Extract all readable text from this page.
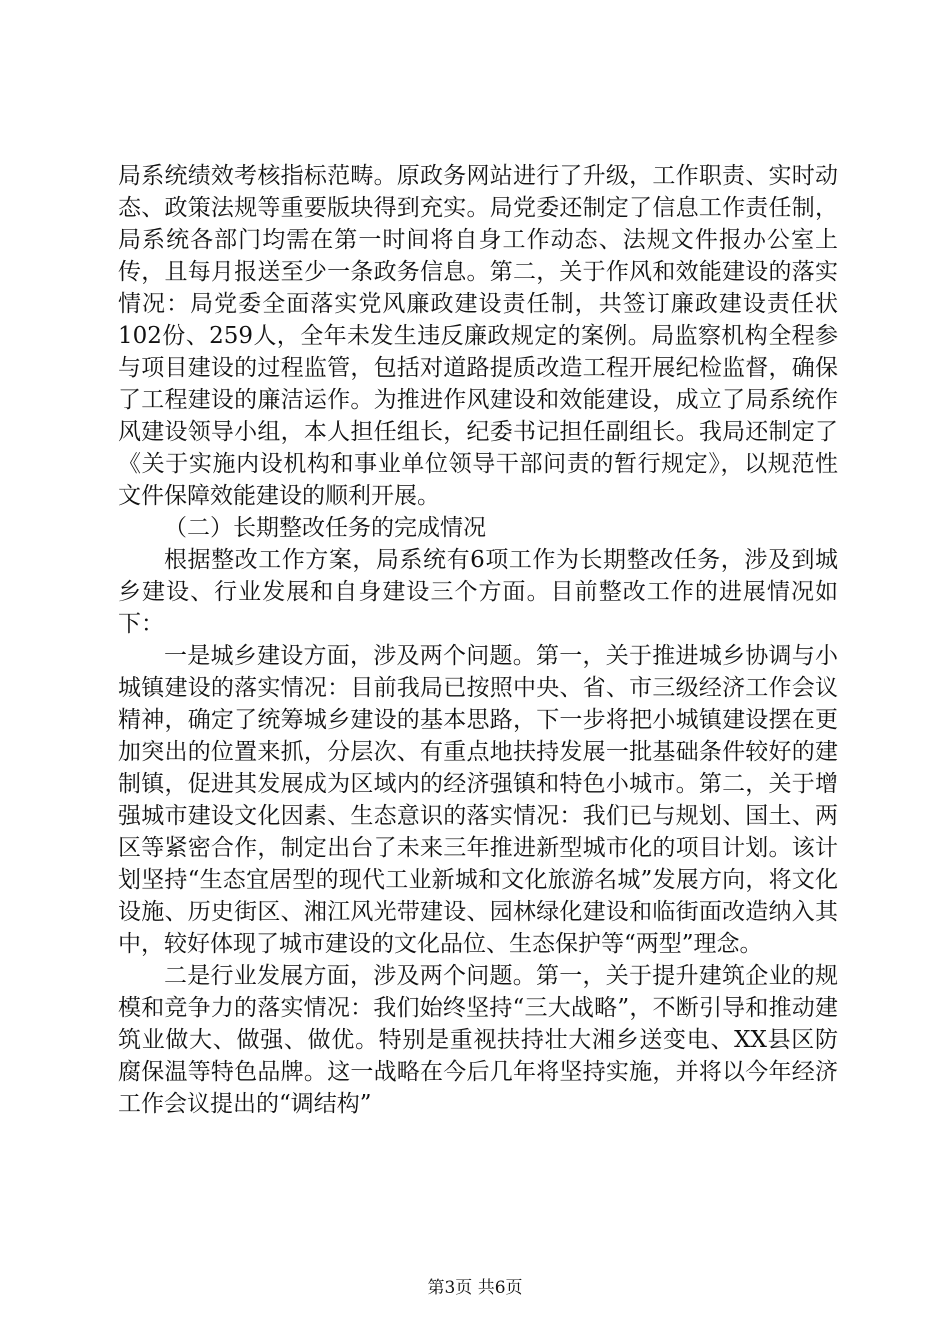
局系统绩效考核指标范畴。原政务网站进行了升级，工作职责、实时动态、政策法规等重要版块得到充实。局党委还制定了信息工作责任制，局系统各部门均需在第一时间将自身工作动态、法规文件报办公室上传，且每月报送至少一条政务信息。第二，关于作风和效能建设的落实情况：局党委全面落实党风廉政建设责任制，共签订廉政建设责任状102份、259人，全年未发生违反廉政规定的案例。局监察机构全程参与项目建设的过程监管，包括对道路提质改造工程开展纪检监督，确保了工程建设的廉洁运作。为推进作风建设和效能建设，成立了局系统作风建设领导小组，本人担任组长，纪委书记担任副组长。我局还制定了《关于实施内设机构和事业单位领导干部问责的暂行规定》，以规范性文件保障效能建设的顺利开展。

（二）长期整改任务的完成情况

根据整改工作方案，局系统有6项工作为长期整改任务，涉及到城乡建设、行业发展和自身建设三个方面。目前整改工作的进展情况如下：

一是城乡建设方面，涉及两个问题。第一，关于推进城乡协调与小城镇建设的落实情况：目前我局已按照中央、省、市三级经济工作会议精神，确定了统筹城乡建设的基本思路，下一步将把小城镇建设摆在更加突出的位置来抓，分层次、有重点地扶持发展一批基础条件较好的建制镇，促进其发展成为区域内的经济强镇和特色小城市。第二，关于增强城市建设文化因素、生态意识的落实情况：我们已与规划、国土、两区等紧密合作，制定出台了未来三年推进新型城市化的项目计划。该计划坚持“生态宜居型的现代工业新城和文化旅游名城”发展方向，将文化设施、历史街区、湘江风光带建设、园林绿化建设和临街面改造纳入其中，较好体现了城市建设的文化品位、生态保护等“两型”理念。

二是行业发展方面，涉及两个问题。第一，关于提升建筑企业的规模和竞争力的落实情况：我们始终坚持“三大战略”，不断引导和推动建筑业做大、做强、做优。特别是重视扶持壮大湘乡送变电、XX县区防腐保温等特色品牌。这一战略在今后几年将坚持实施，并将以今年经济工作会议提出的“调结构”

第3页 共6页
